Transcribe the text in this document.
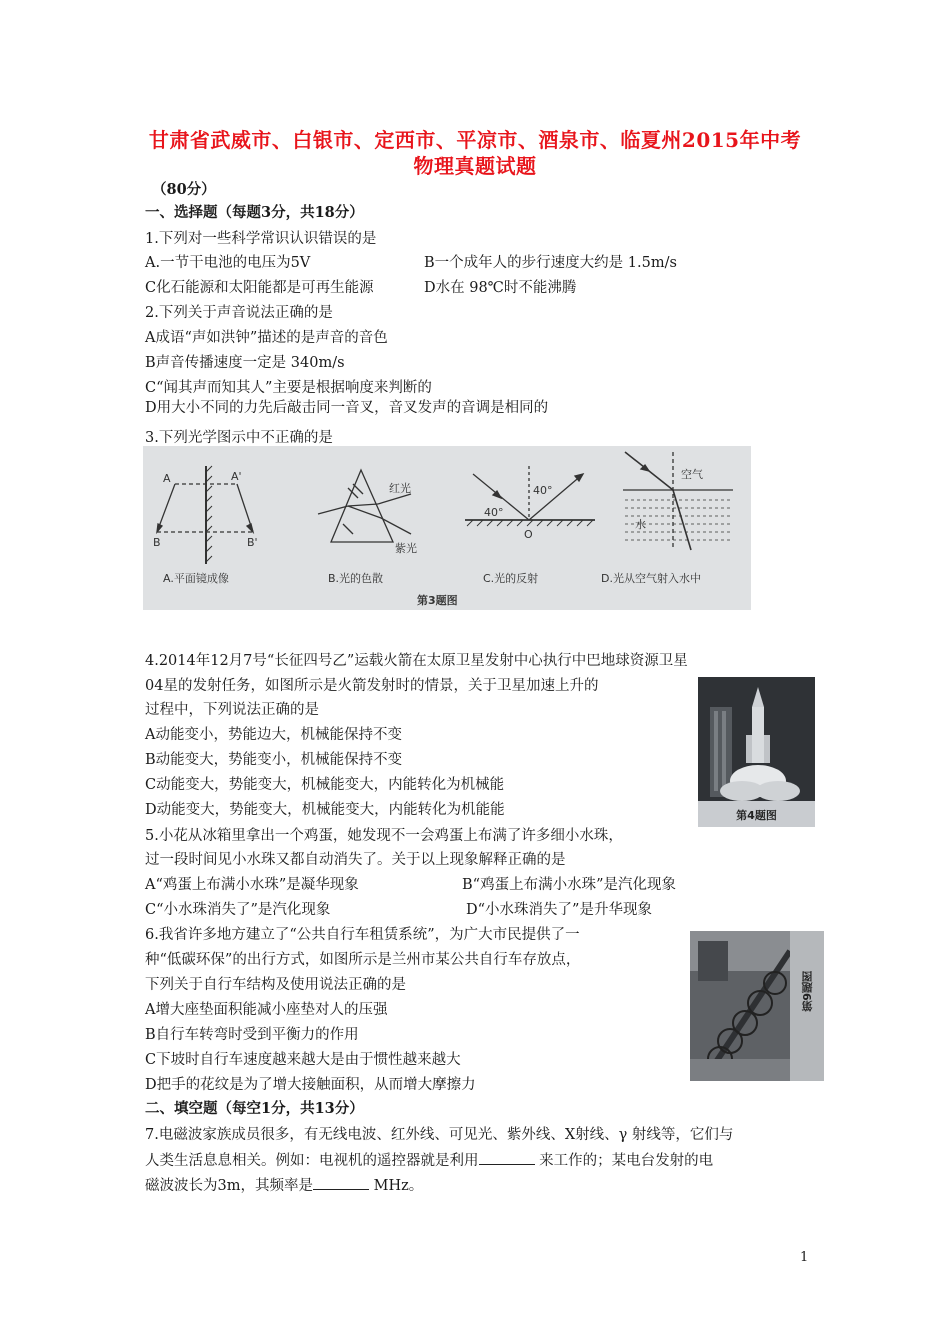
甘肃省武威市、白银市、定西市、平凉市、酒泉市、临夏州2015年中考
物理真题试题
（80分）
一、选择题（每题3分，共18分）
1.下列对一些科学常识认识错误的是
A.一节干电池的电压为5V	B一个成年人的步行速度大约是 1.5m/s
C化石能源和太阳能都是可再生能源	D水在 98℃时不能沸腾
2.下列关于声音说法正确的是
A成语“声如洪钟”描述的是声音的音色
B声音传播速度一定是 340m/s
C“闻其声而知其人”主要是根据响度来判断的
D用大小不同的力先后敲击同一音叉，音叉发声的音调是相同的
3.下列光学图示中不正确的是
A	A'
B	B'
A.平面镜成像
红光
紫光
B.光的色散
40°
40°
O
C.光的反射
空气
水
D.光从空气射入水中
第3题图
4.2014年12月7号“长征四号乙”运载火箭在太原卫星发射中心执行中巴地球资源卫星
04星的发射任务，如图所示是火箭发射时的情景，关于卫星加速上升的
过程中，下列说法正确的是
A动能变小，势能边大，机械能保持不变
B动能变大，势能变小，机械能保持不变
C动能变大，势能变大，机械能变大，内能转化为机械能
D动能变大，势能变大，机械能变大，内能转化为机能能	第4题图
5.小花从冰箱里拿出一个鸡蛋，她发现不一会鸡蛋上布满了许多细小水珠，
过一段时间见小水珠又都自动消失了。关于以上现象解释正确的是
A“鸡蛋上布满小水珠”是凝华现象	B“鸡蛋上布满小水珠”是汽化现象
C“小水珠消失了”是汽化现象	D“小水珠消失了”是升华现象
6.我省许多地方建立了“公共自行车租赁系统”，为广大市民提供了一
种“低碳环保”的出行方式，如图所示是兰州市某公共自行车存放点，
下列关于自行车结构及使用说法正确的是
A增大座垫面积能减小座垫对人的压强
B自行车转弯时受到平衡力的作用
C下坡时自行车速度越来越大是由于惯性越来越大
D把手的花纹是为了增大接触面积，从而增大摩擦力
第9题图
二、填空题（每空1分，共13分）
7.电磁波家族成员很多，有无线电波、红外线、可见光、紫外线、X射线、γ 射线等，它们与
人类生活息息相关。例如：电视机的遥控器就是利用	来工作的；某电台发射的电
磁波波长为3m，其频率是	MHz。
1
